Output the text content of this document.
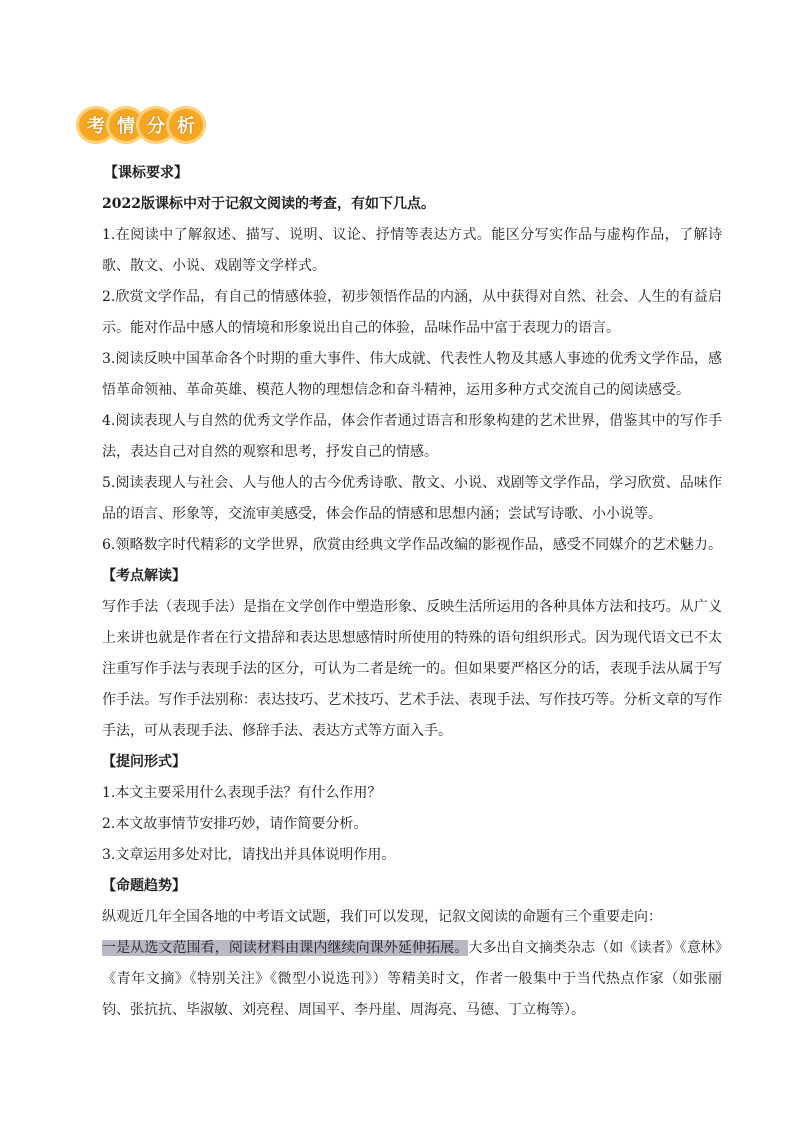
考 情 分 析

【课标要求】

2022版课标中对于记叙文阅读的考查，有如下几点。

1.在阅读中了解叙述、描写、说明、议论、抒情等表达方式。能区分写实作品与虚构作品，了解诗歌、散文、小说、戏剧等文学样式。

2.欣赏文学作品，有自己的情感体验，初步领悟作品的内涵，从中获得对自然、社会、人生的有益启示。能对作品中感人的情境和形象说出自己的体验，品味作品中富于表现力的语言。

3.阅读反映中国革命各个时期的重大事件、伟大成就、代表性人物及其感人事迹的优秀文学作品，感悟革命领袖、革命英雄、模范人物的理想信念和奋斗精神，运用多种方式交流自己的阅读感受。

4.阅读表现人与自然的优秀文学作品，体会作者通过语言和形象构建的艺术世界，借鉴其中的写作手法，表达自己对自然的观察和思考，抒发自己的情感。

5.阅读表现人与社会、人与他人的古今优秀诗歌、散文、小说、戏剧等文学作品，学习欣赏、品味作品的语言、形象等，交流审美感受，体会作品的情感和思想内涵；尝试写诗歌、小小说等。

6.领略数字时代精彩的文学世界，欣赏由经典文学作品改编的影视作品，感受不同媒介的艺术魅力。【考点解读】

写作手法（表现手法）是指在文学创作中塑造形象、反映生活所运用的各种具体方法和技巧。从广义上来讲也就是作者在行文措辞和表达思想感情时所使用的特殊的语句组织形式。因为现代语文已不太注重写作手法与表现手法的区分，可认为二者是统一的。但如果要严格区分的话，表现手法从属于写作手法。写作手法别称：表达技巧、艺术技巧、艺术手法、表现手法、写作技巧等。分析文章的写作手法，可从表现手法、修辞手法、表达方式等方面入手。

【提问形式】

1.本文主要采用什么表现手法？有什么作用？

2.本文故事情节安排巧妙，请作简要分析。

3.文章运用多处对比，请找出并具体说明作用。

【命题趋势】

纵观近几年全国各地的中考语文试题，我们可以发现，记叙文阅读的命题有三个重要走向：

一是从选文范围看，阅读材料由课内继续向课外延伸拓展。大多出自文摘类杂志（如《读者》《意林》《青年文摘》《特别关注》《微型小说选刊》）等精美时文，作者一般集中于当代热点作家（如张丽钧、张抗抗、毕淑敏、刘亮程、周国平、李丹崖、周海亮、马德、丁立梅等）。
